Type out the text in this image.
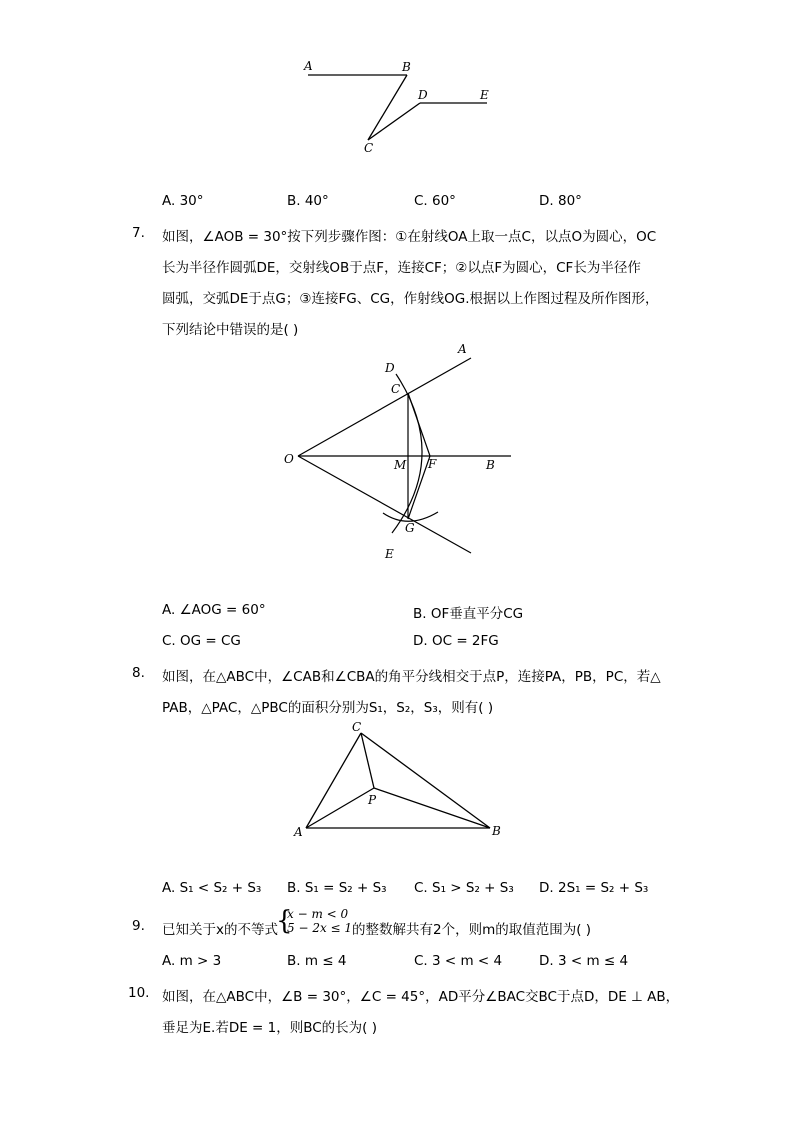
A	B
D	E
C
A. 30°	B. 40°	C. 60°	D. 80°
7. 如图，∠AOB = 30°按下列步骤作图：①在射线OA上取一点C，以点O为圆心，OC
长为半径作圆弧DE，交射线OB于点F，连接CF；②以点F为圆心，CF长为半径作
圆弧，交弧DE于点G；③连接FG、CG，作射线OG.根据以上作图过程及所作图形，
下列结论中错误的是( )
A
D
C
O	M F	B
G
E
A. ∠AOG = 60°	B. OF垂直平分CG
C. OG = CG	D. OC = 2FG
8. 如图，在△ABC中，∠CAB和∠CBA的角平分线相交于点P，连接PA，PB，PC，若△
PAB，△PAC，△PBC的面积分别为S₁，S₂，S₃，则有( )
C
P
A	B
A. S₁ < S₂ + S₃ B. S₁ = S₂ + S₃ C. S₁ > S₂ + S₃ D. 2S₁ = S₂ + S₃
9. 已知关于x的不等式
{
x − m < 0
5 − 2x ≤ 1 的整数解共有2个，则m的取值范围为( )
A. m > 3	B. m ≤ 4	C. 3 < m < 4	D. 3 < m ≤ 4
10. 如图，在△ABC中，∠B = 30°，∠C = 45°，AD平分∠BAC交BC于点D，DE ⊥ AB，
垂足为E.若DE = 1，则BC的长为( )
